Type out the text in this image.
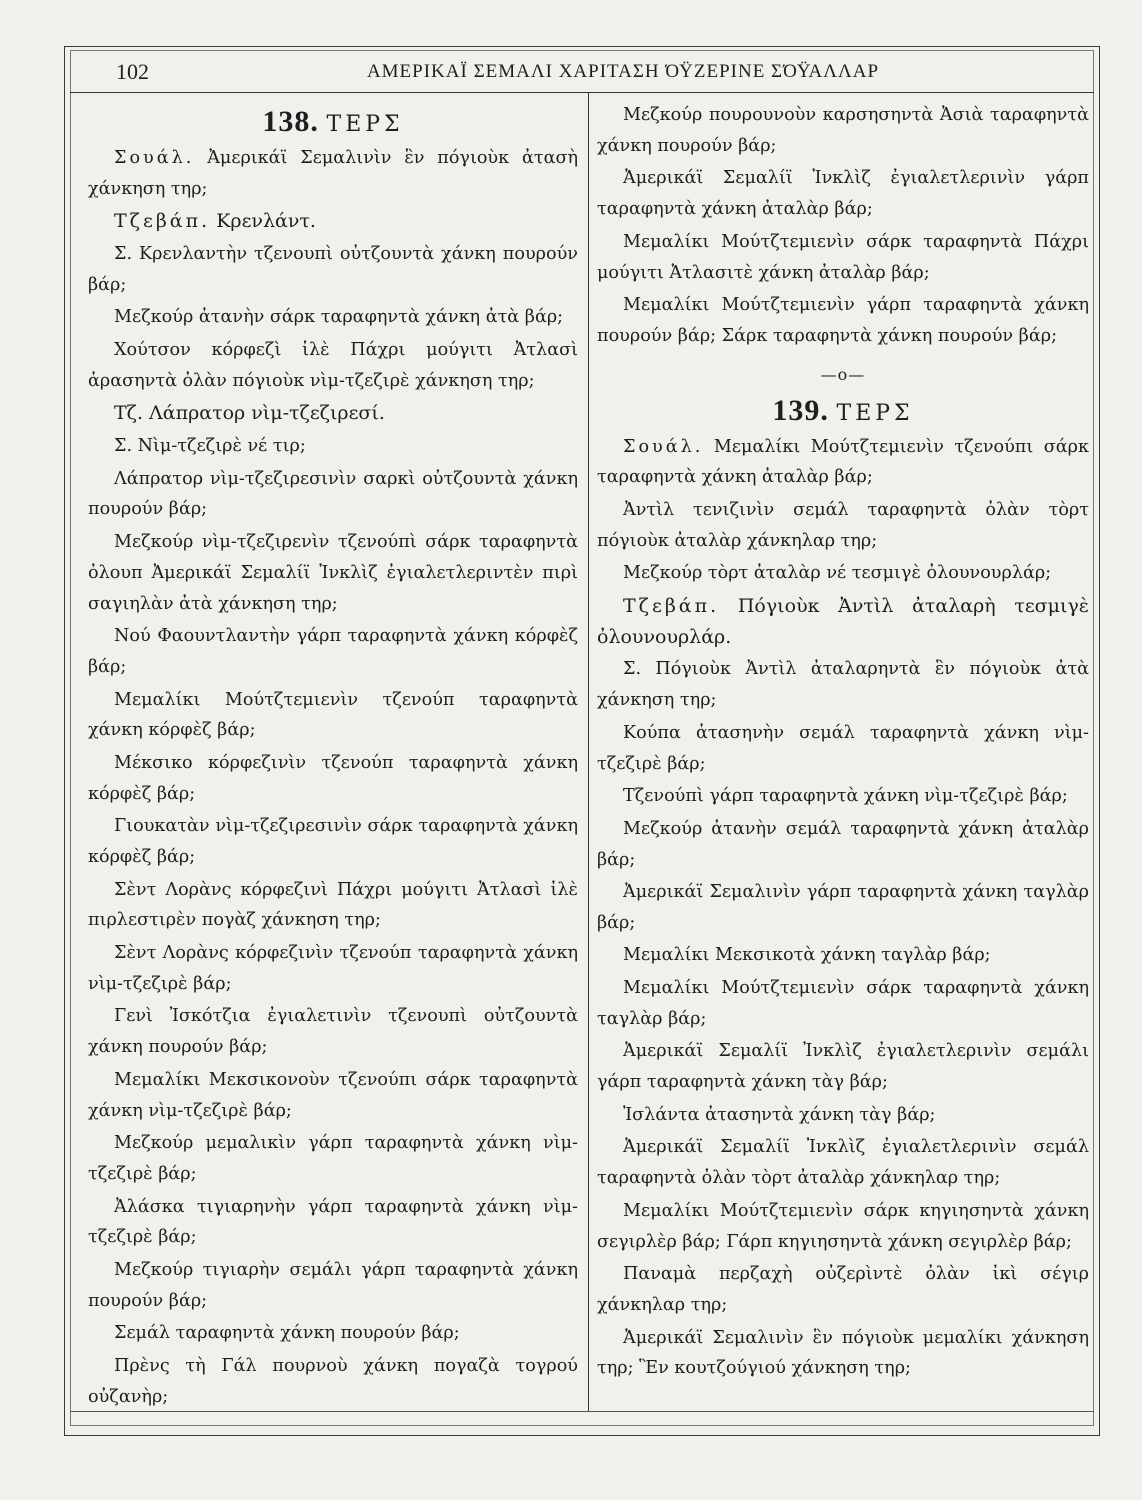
102	ΑΜΕΡΙΚΑΪ ΣΕΜΑΛΙ ΧΑΡΙΤΑΣΗ ΌΫΖΕΡΙΝΕ ΣΌΫΑΛΛΑΡ
138. ΤΕΡΣ

Σουάλ. Ἀμερικάϊ Σεμαλινὶν ἓν πόγιοὺκ ἀτασὴ χάνκηση τηρ;

Τζεβάπ. Κρενλάντ.

Σ. Κρενλαντὴν τζενουπὶ οὐτζουντὰ χάνκη πουρούν βάρ;

Μεζκούρ ἀτανὴν σάρκ ταραφηντὰ χάνκη ἀτὰ βάρ;

Χούτσον κόρφεζὶ ἰλὲ Πάχρι μούγιτι Ἀτλασὶ ἀρασηντὰ ὀλὰν πόγιοὺκ νὶμ-τζεζιρὲ χάνκηση τηρ;

Τζ. Λάπρατορ νὶμ-τζεζιρεσί.

Σ. Νὶμ-τζεζιρὲ νέ τιρ;

Λάπρατορ νὶμ-τζεζιρεσινὶν σαρκὶ οὐτζουντὰ χάνκη πουρούν βάρ;

Μεζκούρ νὶμ-τζεζιρενὶν τζενούπὶ σάρκ ταραφηντὰ ὀλουπ Ἀμερικάϊ Σεμαλίϊ Ἰνκλὶζ ἐγιαλετλεριντὲν πιρὶ σαγιηλὰν ἀτὰ χάνκηση τηρ;

Νού Φαουντλαντὴν γάρπ ταραφηντὰ χάνκη κόρφὲζ βάρ;

Μεμαλίκι Μούτζτεμιενὶν τζενούπ ταραφηντὰ χάνκη κόρφὲζ βάρ;

Μέκσικο κόρφεζινὶν τζενούπ ταραφηντὰ χάνκη κόρφὲζ βάρ;

Γιουκατὰν νὶμ-τζεζιρεσινὶν σάρκ ταραφηντὰ χάνκη κόρφὲζ βάρ;

Σὲντ Λορὰνς κόρφεζινὶ Πάχρι μούγιτι Ἀτλασὶ ἰλὲ πιρλεστιρὲν πογὰζ χάνκηση τηρ;

Σὲντ Λορὰνς κόρφεζινὶν τζενούπ ταραφηντὰ χάνκη νὶμ-τζεζιρὲ βάρ;

Γενὶ Ἰσκότζια ἐγιαλετινὶν τζενουπὶ οὐτζουντὰ χάνκη πουρούν βάρ;

Μεμαλίκι Μεκσικονοὺν τζενούπι σάρκ ταραφηντὰ χάνκη νὶμ-τζεζιρὲ βάρ;

Μεζκούρ μεμαλικὶν γάρπ ταραφηντὰ χάνκη νὶμ-τζεζιρὲ βάρ;

Ἀλάσκα τιγιαρηνὴν γάρπ ταραφηντὰ χάνκη νὶμ-τζεζιρὲ βάρ;

Μεζκούρ τιγιαρὴν σεμάλι γάρπ ταραφηντὰ χάνκη πουρούν βάρ;

Σεμάλ ταραφηντὰ χάνκη πουρούν βάρ;

Πρὲνς τὴ Γάλ πουρνοὺ χάνκη πογαζὰ τογρού οὐζανὴρ;

Μεζκούρ πουρουνοὺν καρσησηντὰ Ἀσιὰ ταραφηντὰ χάνκη πουρούν βάρ;

Ἀμερικάϊ Σεμαλίϊ Ἰνκλὶζ ἐγιαλετλερινὶν γάρπ ταραφηντὰ χάνκη ἀταλὰρ βάρ;

Μεμαλίκι Μούτζτεμιενὶν σάρκ ταραφηντὰ Πάχρι μούγιτι Ἀτλασιτὲ χάνκη ἀταλὰρ βάρ;

Μεμαλίκι Μούτζτεμιενὶν γάρπ ταραφηντὰ χάνκη πουρούν βάρ; Σάρκ ταραφηντὰ χάνκη πουρούν βάρ;

—ο—
139. ΤΕΡΣ

Σουάλ. Μεμαλίκι Μούτζτεμιενὶν τζενούπι σάρκ ταραφηντὰ χάνκη ἀταλὰρ βάρ;

Ἀντὶλ τενιζινὶν σεμάλ ταραφηντὰ ὀλὰν τὸρτ πόγιοὺκ ἀταλὰρ χάνκηλαρ τηρ;

Μεζκούρ τὸρτ ἀταλὰρ νέ τεσμιγὲ ὀλουνουρλάρ;

Τζεβάπ. Πόγιοὺκ Ἀντὶλ ἀταλαρὴ τεσμιγὲ ὀλουνουρλάρ.

Σ. Πόγιοὺκ Ἀντὶλ ἀταλαρηντὰ ἓν πόγιοὺκ ἀτὰ χάνκηση τηρ;

Κούπα ἀτασηνὴν σεμάλ ταραφηντὰ χάνκη νὶμ-τζεζιρὲ βάρ;

Τζενούπὶ γάρπ ταραφηντὰ χάνκη νὶμ-τζεζιρὲ βάρ;

Μεζκούρ ἀτανὴν σεμάλ ταραφηντὰ χάνκη ἀταλὰρ βάρ;

Ἀμερικάϊ Σεμαλινὶν γάρπ ταραφηντὰ χάνκη ταγλὰρ βάρ;

Μεμαλίκι Μεκσικοτὰ χάνκη ταγλὰρ βάρ;

Μεμαλίκι Μούτζτεμιενὶν σάρκ ταραφηντὰ χάνκη ταγλὰρ βάρ;

Ἀμερικάϊ Σεμαλίϊ Ἰνκλὶζ ἐγιαλετλερινὶν σεμάλι γάρπ ταραφηντὰ χάνκη τὰγ βάρ;

Ἰσλάντα ἀτασηντὰ χάνκη τὰγ βάρ;

Ἀμερικάϊ Σεμαλίϊ Ἰνκλὶζ ἐγιαλετλερινὶν σεμάλ ταραφηντὰ ὀλὰν τὸρτ ἀταλὰρ χάνκηλαρ τηρ;

Μεμαλίκι Μούτζτεμιενὶν σάρκ κηγιησηντὰ χάνκη σεγιρλὲρ βάρ; Γάρπ κηγιησηντὰ χάνκη σεγιρλὲρ βάρ;

Παναμὰ περζαχὴ οὐζερὶντὲ ὀλὰν ἰκὶ σέγιρ χάνκηλαρ τηρ;

Ἀμερικάϊ Σεμαλινὶν ἓν πόγιοὺκ μεμαλίκι χάνκηση τηρ; Ἓν κουτζούγιού χάνκηση τηρ;
